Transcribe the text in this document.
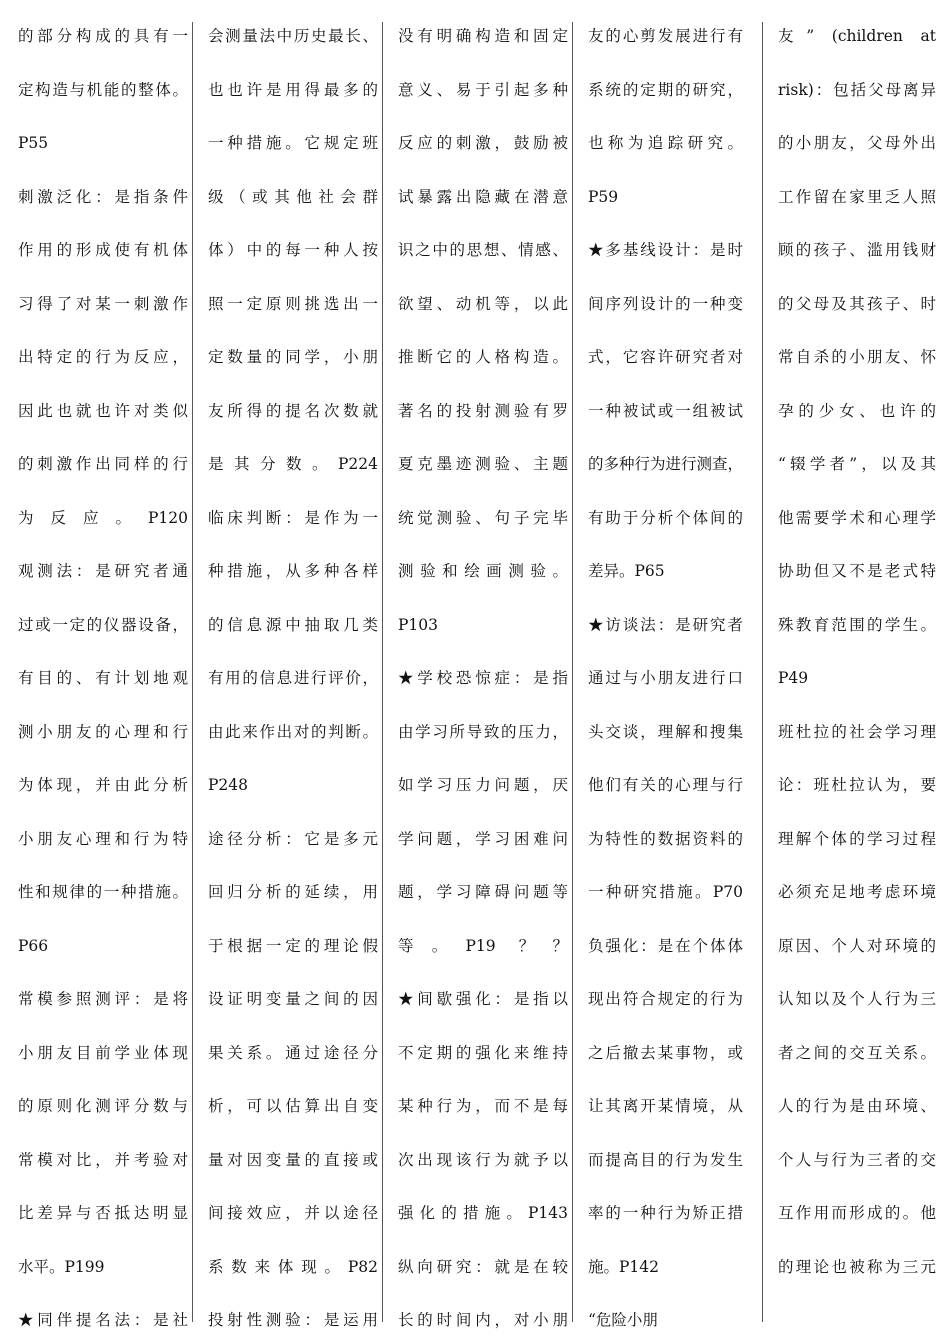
的部分构成的具有一

定构造与机能的整体。

P55

刺激泛化：是指条件

作用的形成使有机体

习得了对某一刺激作

出特定的行为反应，

因此也就也许对类似

的刺激作出同样的行

为反应。P120

观测法：是研究者通

过或一定的仪器设备，

有目的、有计划地观

测小朋友的心理和行

为体现，并由此分析

小朋友心理和行为特

性和规律的一种措施。

P66

常模参照测评：是将

小朋友目前学业体现

的原则化测评分数与

常模对比，并考验对

比差异与否抵达明显

水平。P199

★同伴提名法：是社

会测量法中历史最长、

也也许是用得最多的

一种措施。它规定班

级（或其他社会群

体）中的每一种人按

照一定原则挑选出一

定数量的同学，小朋

友所得的提名次数就

是其分数。P224

临床判断：是作为一

种措施，从多种各样

的信息源中抽取几类

有用的信息进行评价，

由此来作出对的判断。

P248

途径分析：它是多元

回归分析的延续，用

于根据一定的理论假

设证明变量之间的因

果关系。通过途径分

析，可以估算出自变

量对因变量的直接或

间接效应，并以途径

系数来体现。P82

投射性测验：是运用

没有明确构造和固定

意义、易于引起多种

反应的刺激，鼓励被

试暴露出隐藏在潜意

识之中的思想、情感、

欲望、动机等，以此

推断它的人格构造。

著名的投射测验有罗

夏克墨迹测验、主题

统觉测验、句子完毕

测验和绘画测验。

P103

★学校恐惊症：是指

由学习所导致的压力，

如学习压力问题，厌

学问题，学习困难问

题，学习障碍问题等

等。P19 ？？

★间歇强化：是指以

不定期的强化来维持

某种行为，而不是每

次出现该行为就予以

强化的措施。P143

纵向研究：就是在较

长的时间内，对小朋

友的心剪发展进行有

系统的定期的研究，

也称为追踪研究。

P59

★多基线设计：是时

间序列设计的一种变

式，它容许研究者对

一种被试或一组被试

的多种行为进行测查，

有助于分析个体间的

差异。P65

★访谈法：是研究者

通过与小朋友进行口

头交谈，理解和搜集

他们有关的心理与行

为特性的数据资料的

一种研究措施。P70

负强化：是在个体体

现出符合规定的行为

之后撤去某事物，或

让其离开某情境，从

而提高目的行为发生

率的一种行为矫正措

施。P142

“危险小朋

友” (children at

risk)：包括父母离异

的小朋友，父母外出

工作留在家里乏人照

顾的孩子、滥用钱财

的父母及其孩子、时

常自杀的小朋友、怀

孕的少女、也许的

“辍学者”，以及其

他需要学术和心理学

协助但又不是老式特

殊教育范围的学生。

P49

班杜拉的社会学习理

论：班杜拉认为，要

理解个体的学习过程

必须充足地考虑环境

原因、个人对环境的

认知以及个人行为三

者之间的交互关系。

人的行为是由环境、

个人与行为三者的交

互作用而形成的。他

的理论也被称为三元
